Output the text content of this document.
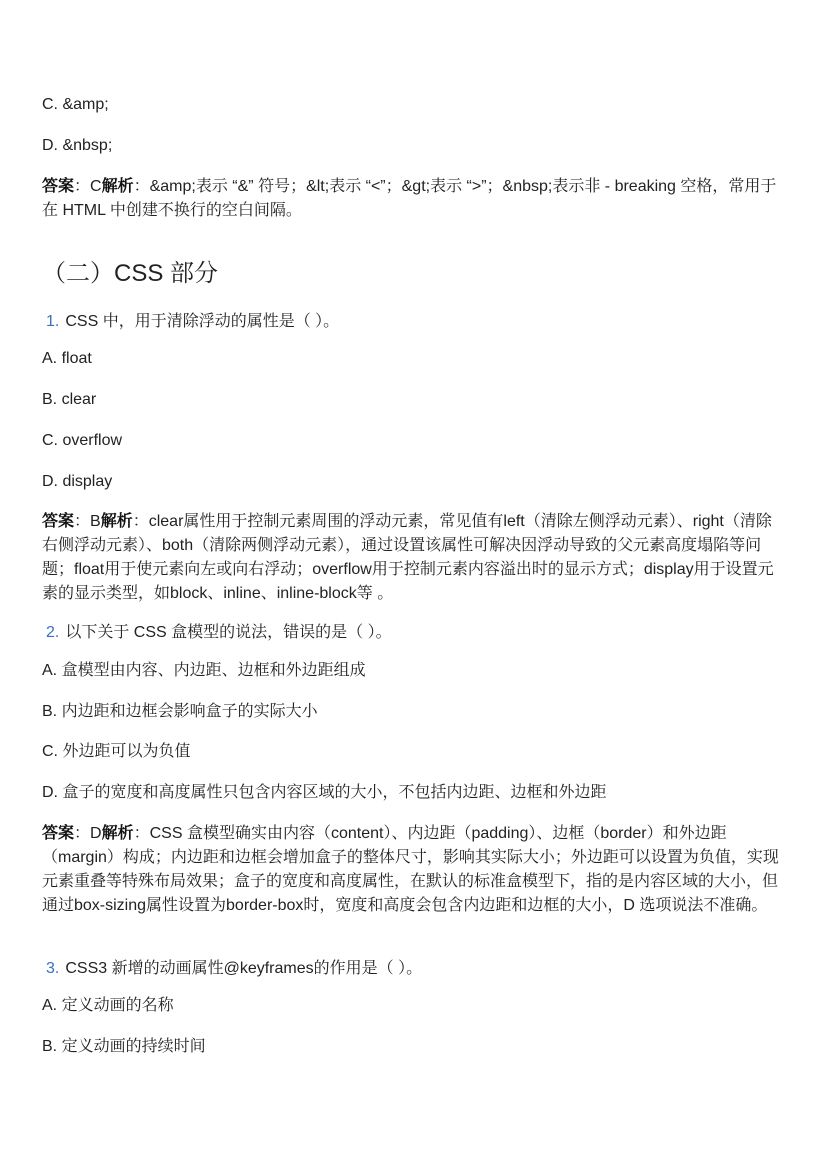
C. &amp;
D. &nbsp;
答案：C解析：&amp;表示 “&” 符号；&lt;表示 “<”；&gt;表示 “>”；&nbsp;表示非 - breaking 空格，常用于在 HTML 中创建不换行的空白间隔。
（二）CSS 部分
1. CSS 中，用于清除浮动的属性是（ ）。
A. float
B. clear
C. overflow
D. display
答案：B解析：clear属性用于控制元素周围的浮动元素，常见值有left（清除左侧浮动元素）、right（清除右侧浮动元素）、both（清除两侧浮动元素），通过设置该属性可解决因浮动导致的父元素高度塌陷等问题；float用于使元素向左或向右浮动；overflow用于控制元素内容溢出时的显示方式；display用于设置元素的显示类型，如block、inline、inline-block等 。
2. 以下关于 CSS 盒模型的说法，错误的是（ ）。
A. 盒模型由内容、内边距、边框和外边距组成
B. 内边距和边框会影响盒子的实际大小
C. 外边距可以为负值
D. 盒子的宽度和高度属性只包含内容区域的大小，不包括内边距、边框和外边距
答案：D解析：CSS 盒模型确实由内容（content）、内边距（padding）、边框（border）和外边距（margin）构成；内边距和边框会增加盒子的整体尺寸，影响其实际大小；外边距可以设置为负值，实现元素重叠等特殊布局效果；盒子的宽度和高度属性，在默认的标准盒模型下，指的是内容区域的大小，但通过box-sizing属性设置为border-box时，宽度和高度会包含内边距和边框的大小，D 选项说法不准确。
3. CSS3 新增的动画属性@keyframes的作用是（ ）。
A. 定义动画的名称
B. 定义动画的持续时间
